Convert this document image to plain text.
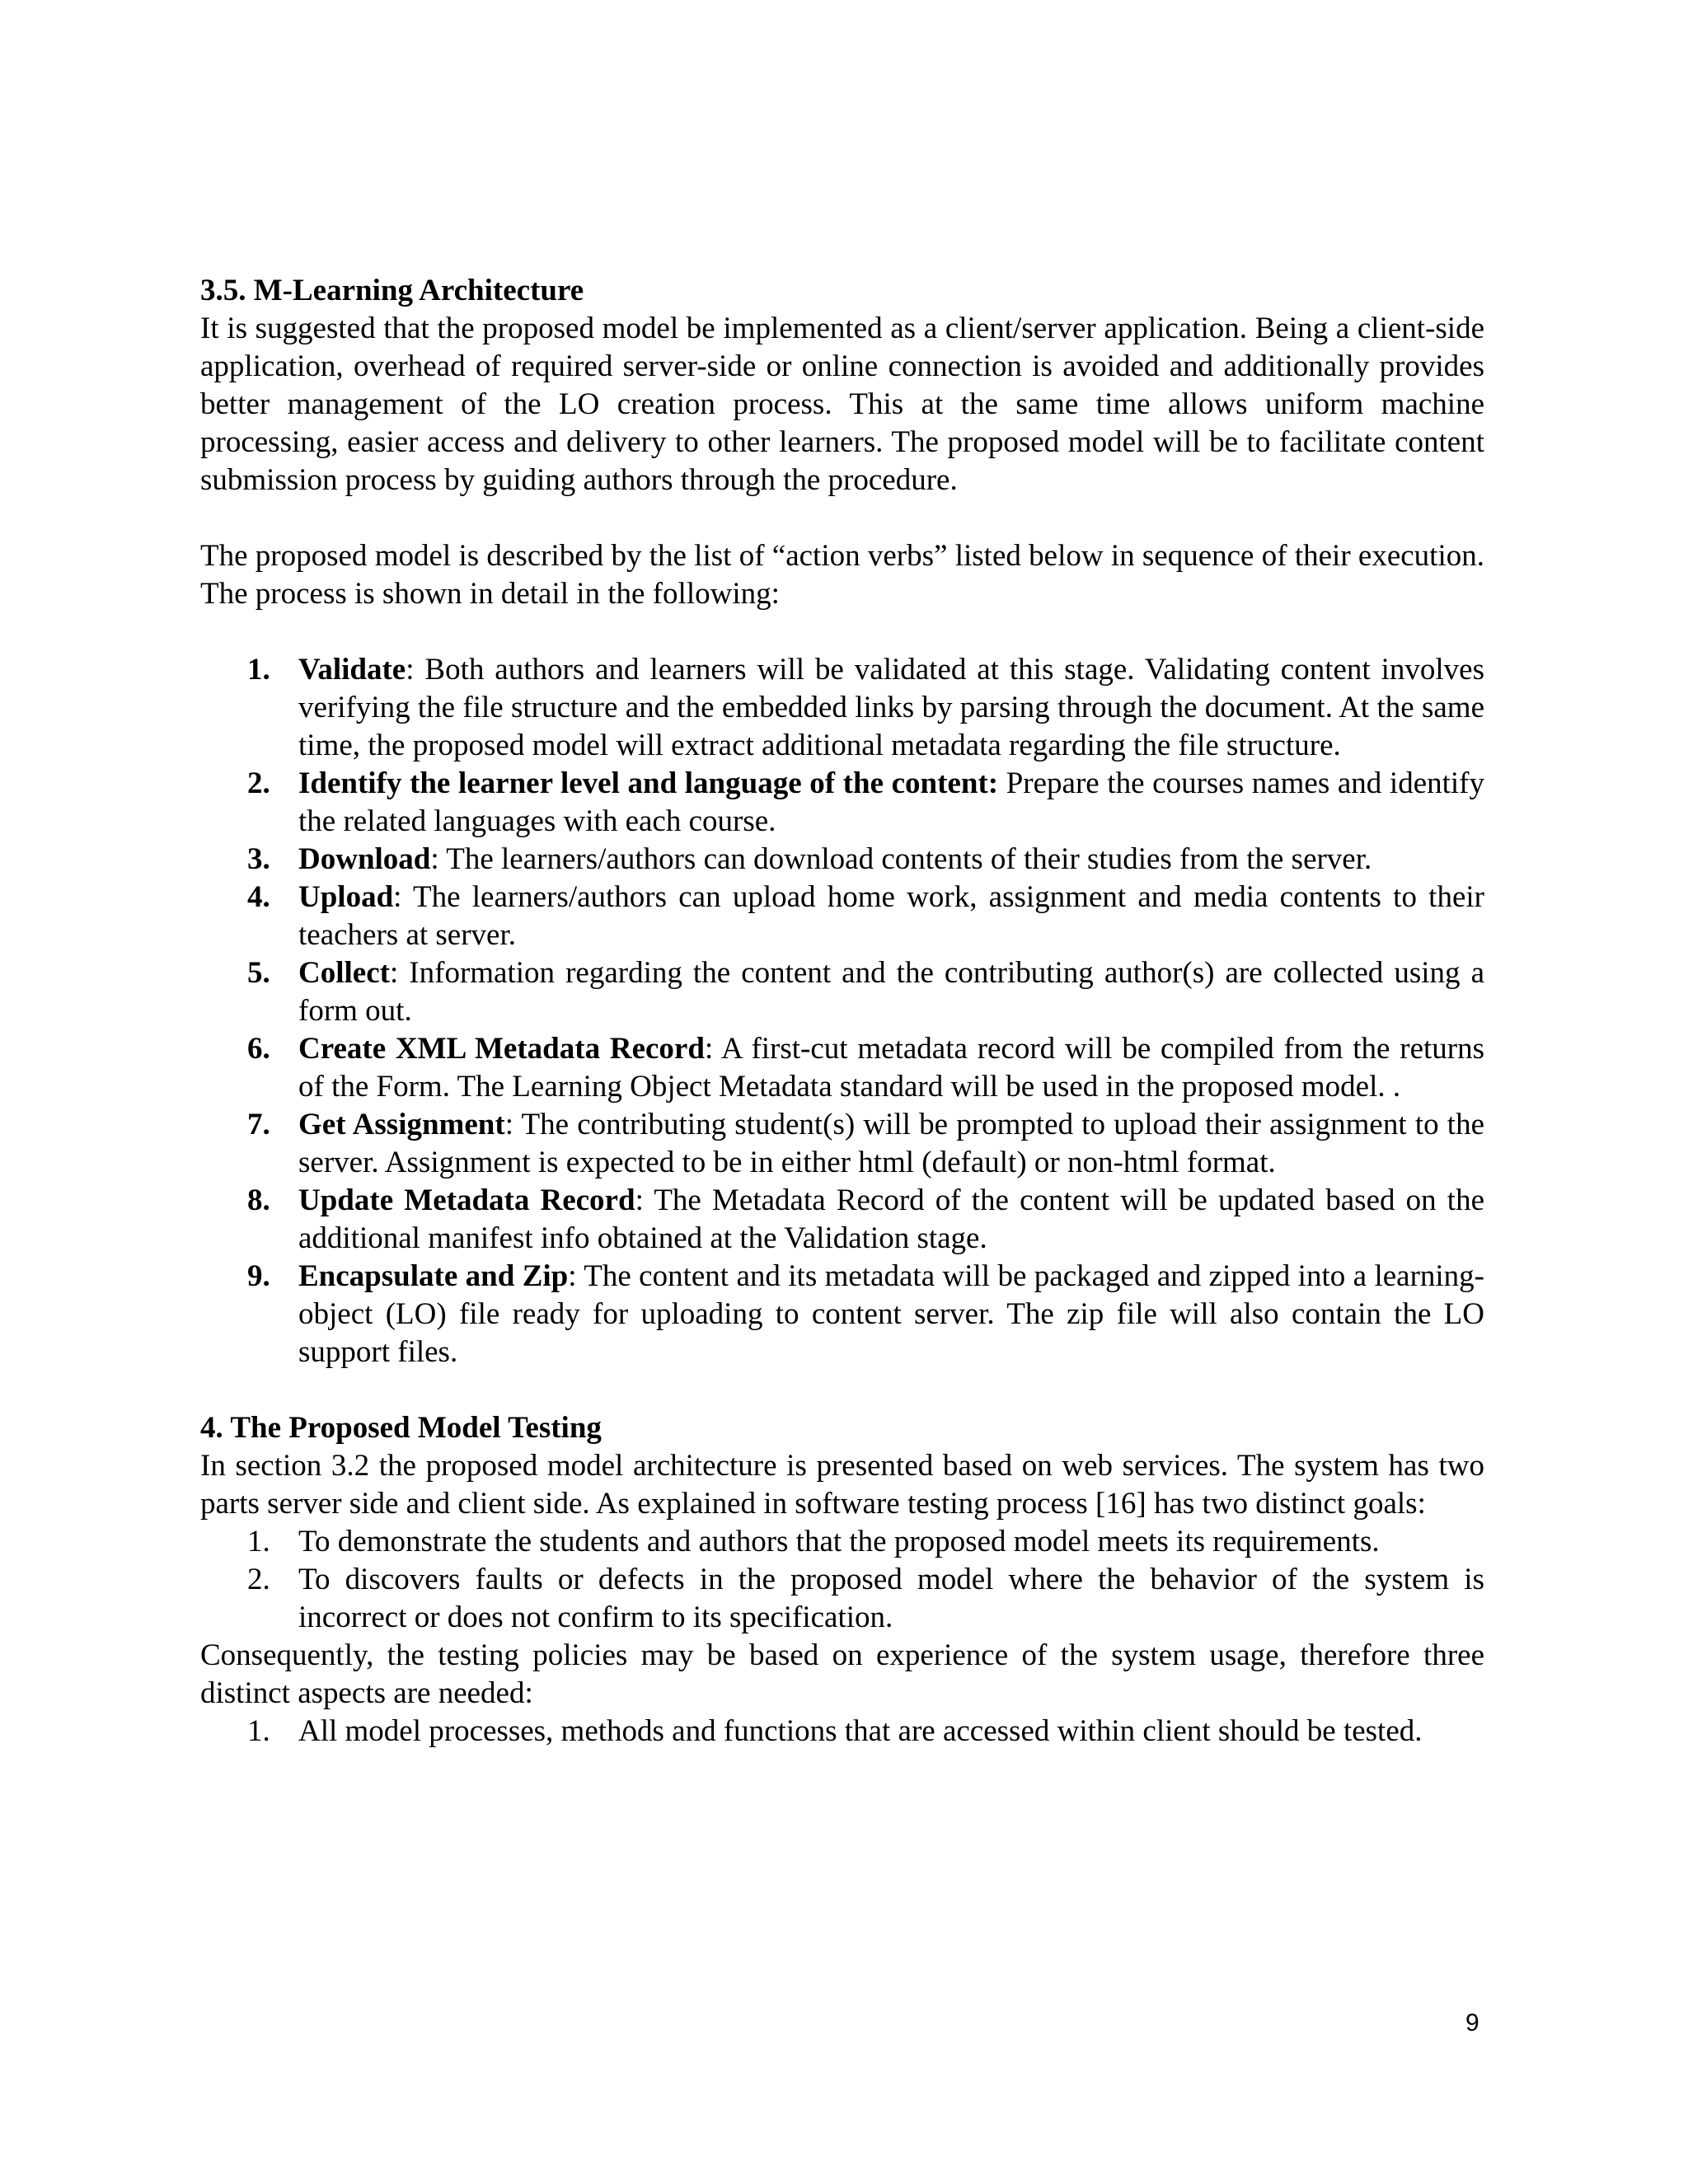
3.5. M-Learning Architecture

It is suggested that the proposed model be implemented as a client/server application. Being a client-side application, overhead of required server-side or online connection is avoided and additionally provides better management of the LO creation process. This at the same time allows uniform machine processing, easier access and delivery to other learners. The proposed model will be to facilitate content submission process by guiding authors through the procedure.

The proposed model is described by the list of “action verbs” listed below in sequence of their execution. The process is shown in detail in the following:

1. Validate: Both authors and learners will be validated at this stage. Validating content involves verifying the file structure and the embedded links by parsing through the document. At the same time, the proposed model will extract additional metadata regarding the file structure.
2. Identify the learner level and language of the content: Prepare the courses names and identify the related languages with each course.
3. Download: The learners/authors can download contents of their studies from the server.
4. Upload: The learners/authors can upload home work, assignment and media contents to their teachers at server.
5. Collect: Information regarding the content and the contributing author(s) are collected using a form out.
6. Create XML Metadata Record: A first-cut metadata record will be compiled from the returns of the Form. The Learning Object Metadata standard will be used in the proposed model. .
7. Get Assignment: The contributing student(s) will be prompted to upload their assignment to the server. Assignment is expected to be in either html (default) or non-html format.
8. Update Metadata Record: The Metadata Record of the content will be updated based on the additional manifest info obtained at the Validation stage.
9. Encapsulate and Zip: The content and its metadata will be packaged and zipped into a learning-object (LO) file ready for uploading to content server. The zip file will also contain the LO support files.
4. The Proposed Model Testing

In section 3.2 the proposed model architecture is presented based on web services. The system has two parts server side and client side. As explained in software testing process [16] has two distinct goals:

1. To demonstrate the students and authors that the proposed model meets its requirements.
2. To discovers faults or defects in the proposed model where the behavior of the system is incorrect or does not confirm to its specification.

Consequently, the testing policies may be based on experience of the system usage, therefore three distinct aspects are needed:

1. All model processes, methods and functions that are accessed within client should be tested.
9
